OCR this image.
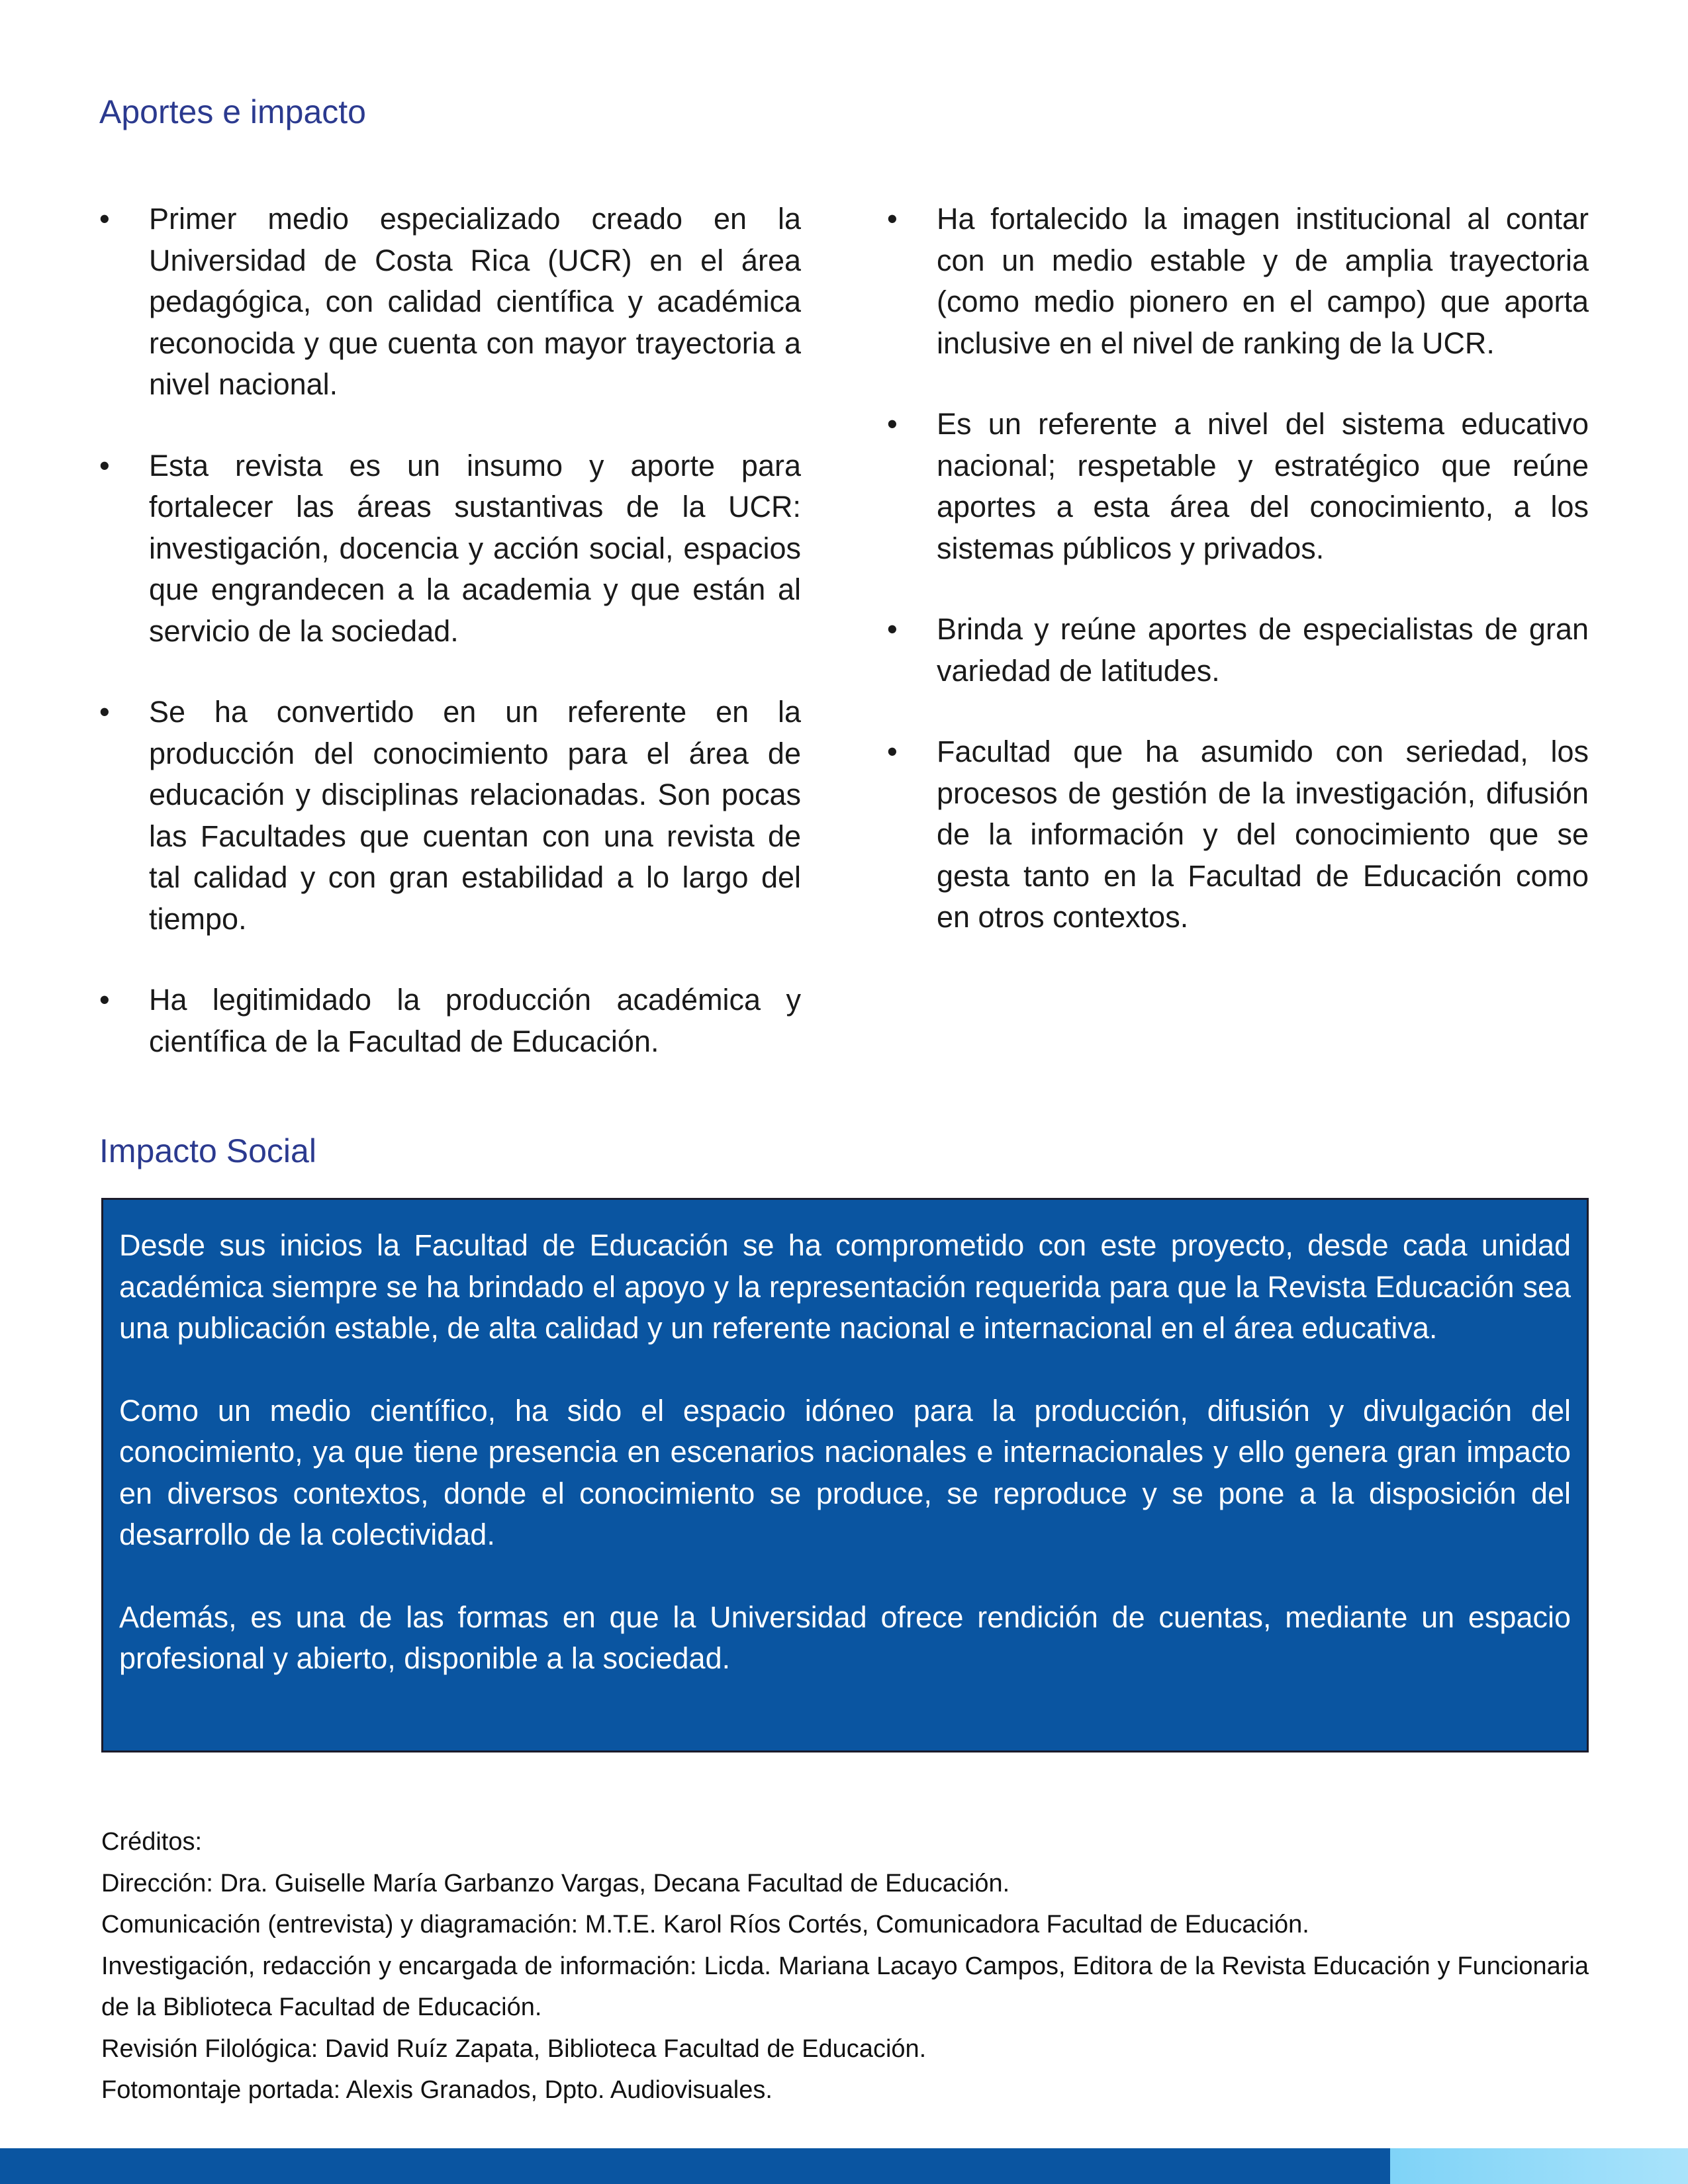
Aportes e impacto
• Primer medio especializado creado en la Universidad de Costa Rica (UCR) en el área pedagógica, con calidad científica y académica reconocida y que cuenta con mayor trayectoria a nivel nacional.
• Esta revista es un insumo y aporte para fortalecer las áreas sustantivas de la UCR: investigación, docencia y acción social, espacios que engrandecen a la academia y que están al servicio de la sociedad.
• Se ha convertido en un referente en la producción del conocimiento para el área de educación y disciplinas relacionadas. Son pocas las Facultades que cuentan con una revista de tal calidad y con gran estabilidad a lo largo del tiempo.
• Ha legitimidado la producción académica y científica de la Facultad de Educación.
• Ha fortalecido la imagen institucional al contar con un medio estable y de amplia trayectoria (como medio pionero en el campo) que aporta inclusive en el nivel de ranking de la UCR.
• Es un referente a nivel del sistema educativo nacional; respetable y estratégico que reúne aportes a esta área del conocimiento, a los sistemas públicos y privados.
• Brinda y reúne aportes de especialistas de gran variedad de latitudes.
• Facultad que ha asumido con seriedad, los procesos de gestión de la investigación, difusión de la información y del conocimiento que se gesta tanto en la Facultad de Educación como en otros contextos.
Impacto Social

Desde sus inicios la Facultad de Educación se ha comprometido con este proyecto, desde cada unidad académica siempre se ha brindado el apoyo y la representación requerida para que la Revista Educación sea una publicación estable, de alta calidad y un referente nacional e internacional en el área educativa.

Como un medio científico, ha sido el espacio idóneo para la producción, difusión y divulgación del conocimiento, ya que tiene presencia en escenarios nacionales e internacionales y ello genera gran impacto en diversos contextos, donde el conocimiento se produce, se reproduce y se pone a la disposición del desarrollo de la colectividad.

Además, es una de las formas en que la Universidad ofrece rendición de cuentas, mediante un espacio profesional y abierto, disponible a la sociedad.

Créditos:

Dirección: Dra. Guiselle María Garbanzo Vargas, Decana Facultad de Educación.

Comunicación (entrevista) y diagramación: M.T.E. Karol Ríos Cortés, Comunicadora Facultad de Educación.

Investigación, redacción y encargada de información: Licda. Mariana Lacayo Campos, Editora de la Revista Educación y Funcionaria de la Biblioteca Facultad de Educación.

Revisión Filológica: David Ruíz Zapata, Biblioteca Facultad de Educación.

Fotomontaje portada: Alexis Granados, Dpto. Audiovisuales.
